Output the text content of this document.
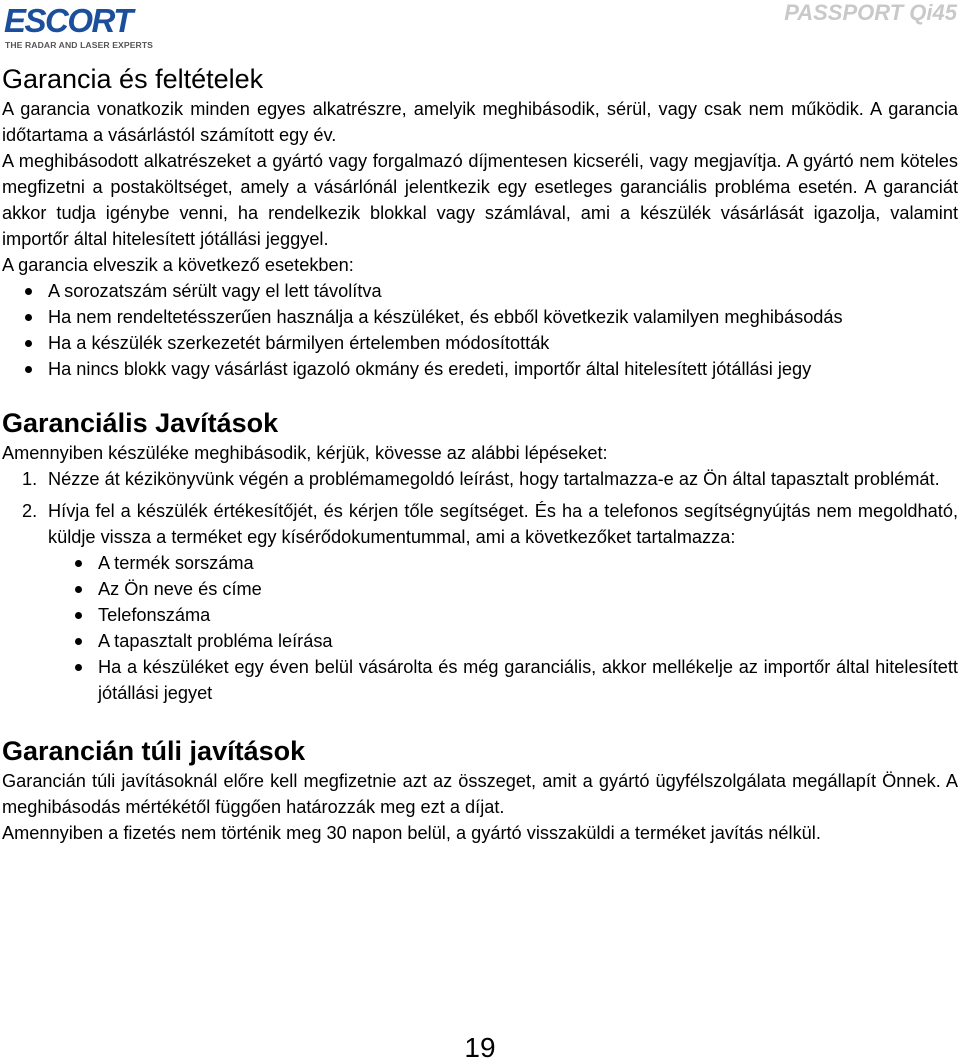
ESCORT
THE RADAR AND LASER EXPERTS
PASSPORT Qi45
Garancia és feltételek

A garancia vonatkozik minden egyes alkatrészre, amelyik meghibásodik, sérül, vagy csak nem működik. A garancia időtartama a vásárlástól számított egy év.

A meghibásodott alkatrészeket a gyártó vagy forgalmazó díjmentesen kicseréli, vagy megjavítja. A gyártó nem köteles megfizetni a postaköltséget, amely a vásárlónál jelentkezik egy esetleges garanciális probléma esetén. A garanciát akkor tudja igénybe venni, ha rendelkezik blokkal vagy számlával, ami a készülék vásárlását igazolja, valamint importőr által hitelesített jótállási jeggyel.

A garancia elveszik a következő esetekben:

A sorozatszám sérült vagy el lett távolítva
Ha nem rendeltetésszerűen használja a készüléket, és ebből következik valamilyen meghibásodás
Ha a készülék szerkezetét bármilyen értelemben módosították
Ha nincs blokk vagy vásárlást igazoló okmány és eredeti, importőr által hitelesített jótállási jegy
Garanciális Javítások

Amennyiben készüléke meghibásodik, kérjük, kövesse az alábbi lépéseket:

1. Nézze át kézikönyvünk végén a problémamegoldó leírást, hogy tartalmazza-e az Ön által tapasztalt problémát.
2. Hívja fel a készülék értékesítőjét, és kérjen tőle segítséget. És ha a telefonos segítségnyújtás nem megoldható, küldje vissza a terméket egy kísérődokumentummal, ami a következőket tartalmazza:
A termék sorszáma
Az Ön neve és címe
Telefonszáma
A tapasztalt probléma leírása
Ha a készüléket egy éven belül vásárolta és még garanciális, akkor mellékelje az importőr által hitelesített jótállási jegyet
Garancián túli javítások

Garancián túli javításoknál előre kell megfizetnie azt az összeget, amit a gyártó ügyfélszolgálata megállapít Önnek. A meghibásodás mértékétől függően határozzák meg ezt a díjat.

Amennyiben a fizetés nem történik meg 30 napon belül, a gyártó visszaküldi a terméket javítás nélkül.

19
